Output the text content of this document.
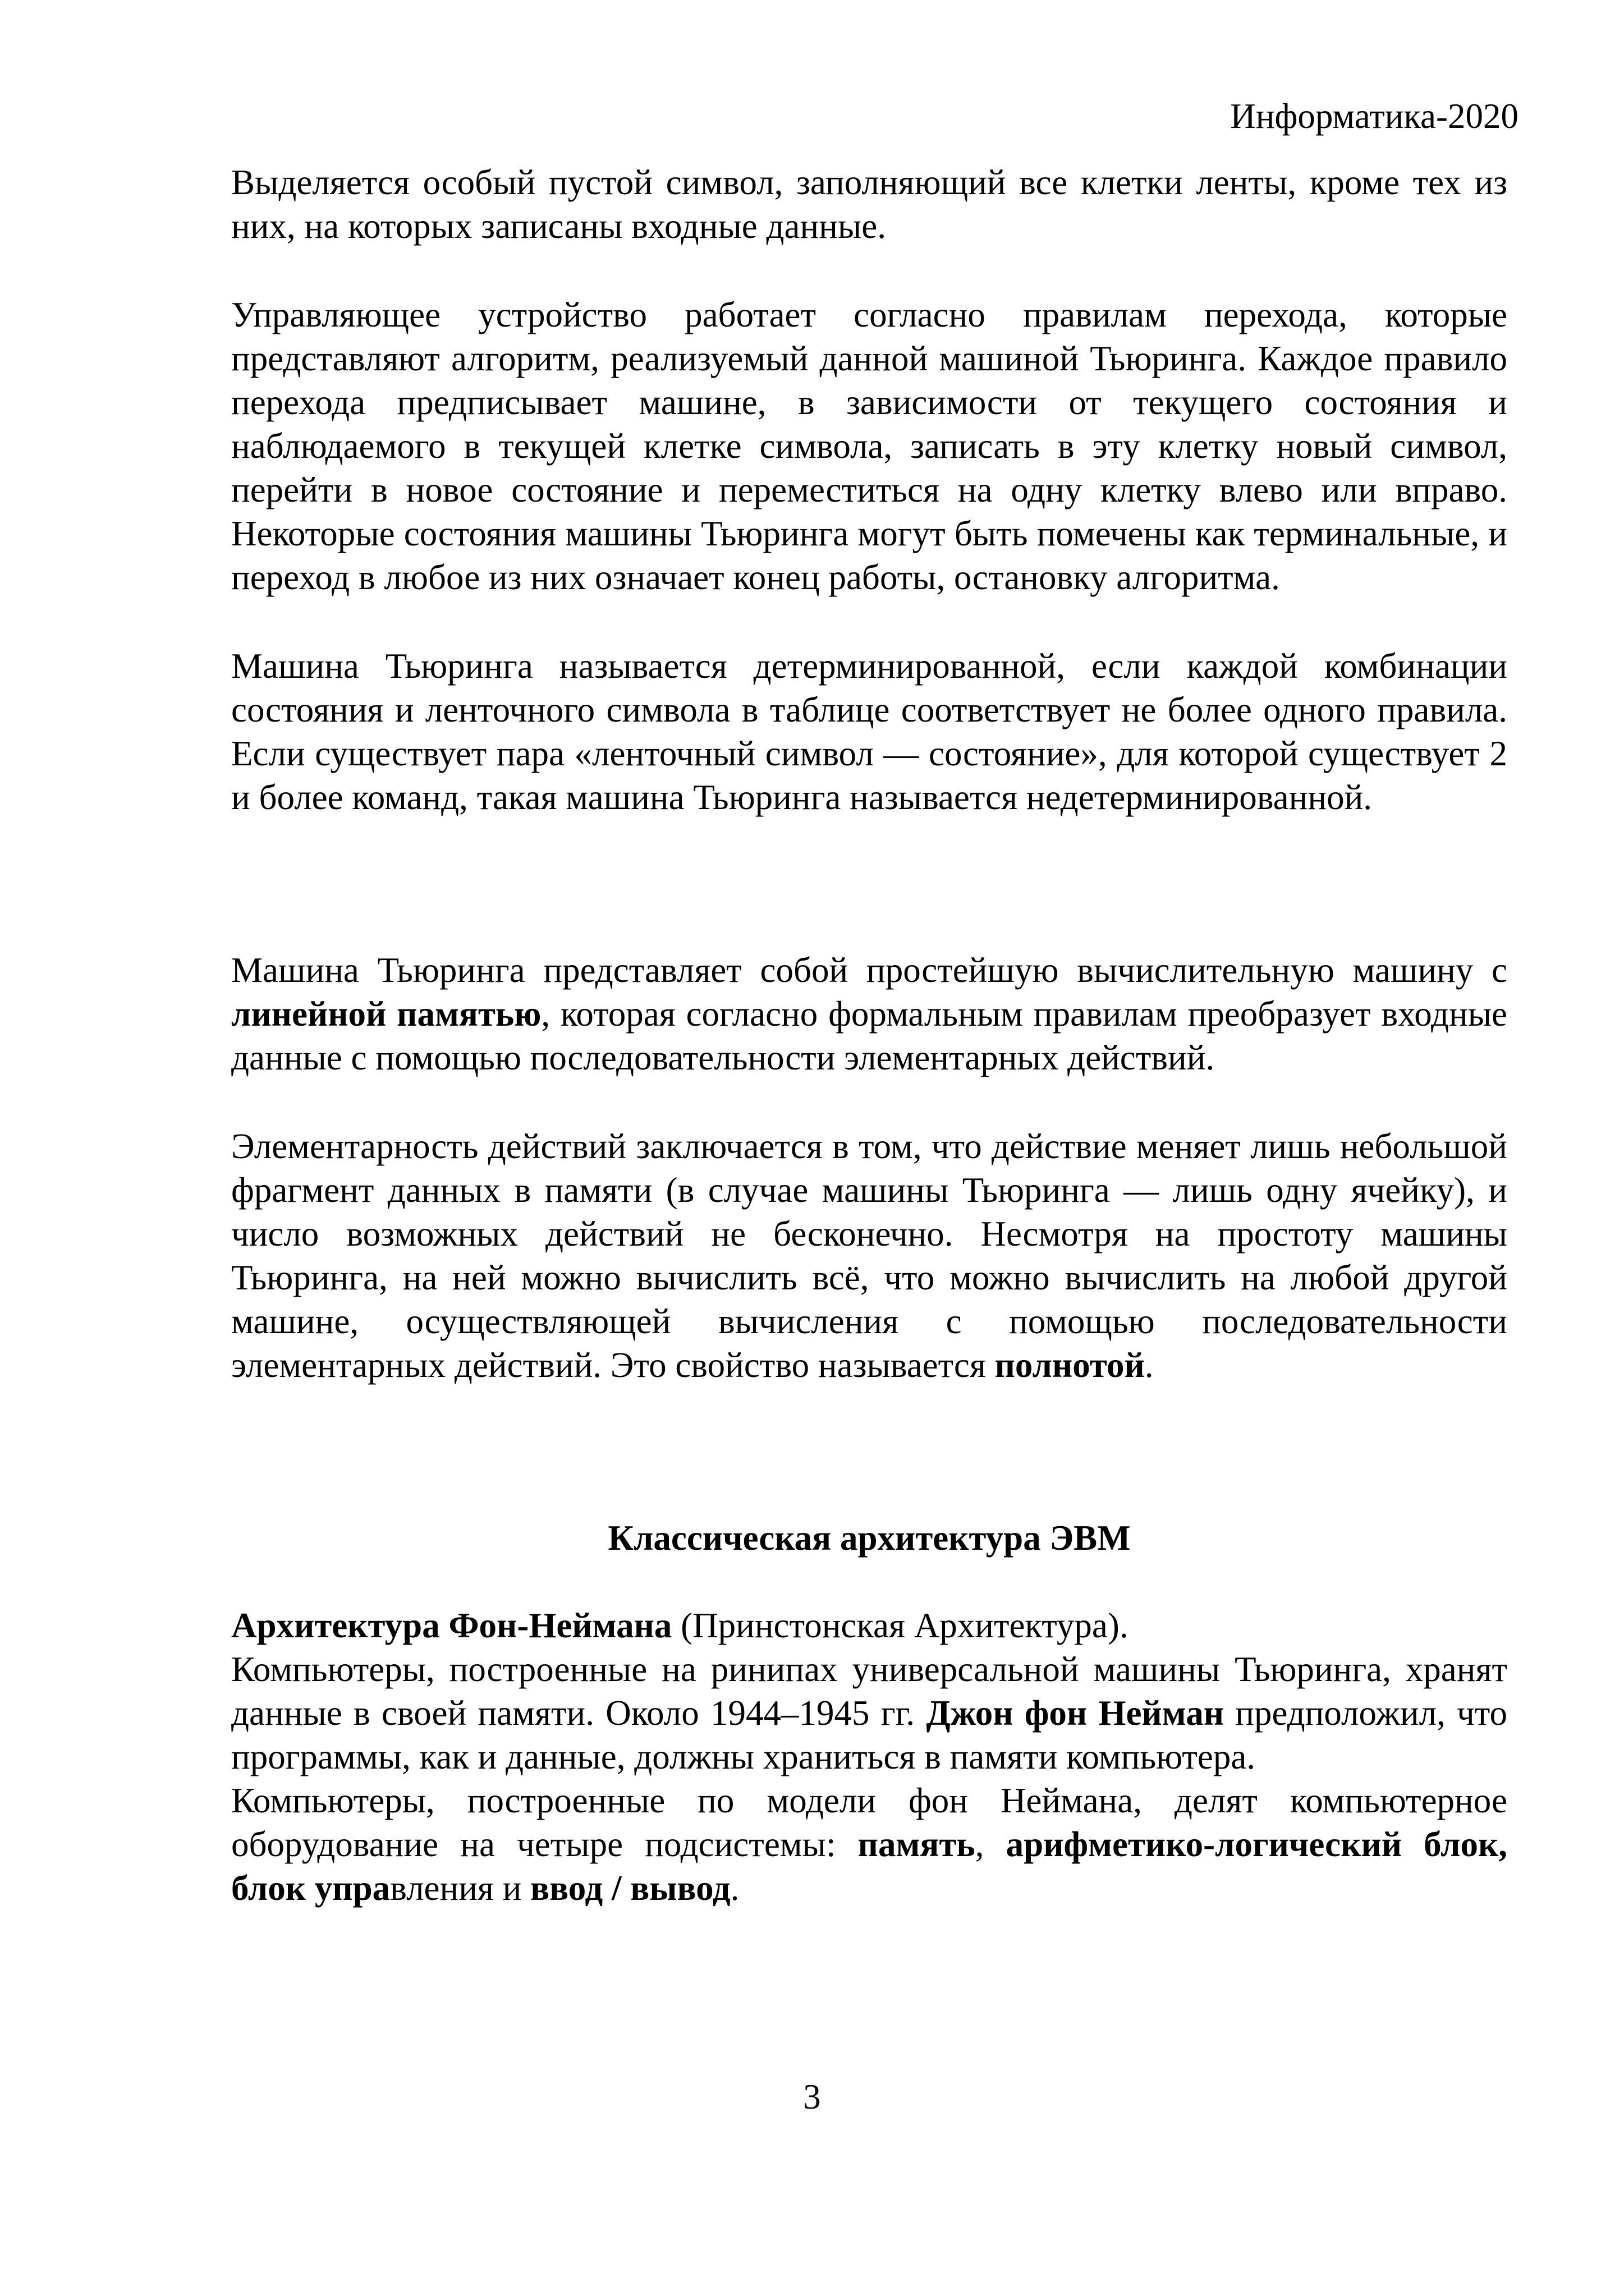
Информатика-2020

Выделяется особый пустой символ, заполняющий все клетки ленты, кроме тех из них, на которых записаны входные данные.

Управляющее устройство работает согласно правилам перехода, которые представляют алгоритм, реализуемый данной машиной Тьюринга. Каждое правило перехода предписывает машине, в зависимости от текущего состояния и наблюдаемого в текущей клетке символа, записать в эту клетку новый символ, перейти в новое состояние и переместиться на одну клетку влево или вправо. Некоторые состояния машины Тьюринга могут быть помечены как терминальные, и переход в любое из них означает конец работы, остановку алгоритма.

Машина Тьюринга называется детерминированной, если каждой комбинации состояния и ленточного символа в таблице соответствует не более одного правила. Если существует пара «ленточный символ — состояние», для которой существует 2 и более команд, такая машина Тьюринга называется недетерминированной.

Машина Тьюринга представляет собой простейшую вычислительную машину с линейной памятью, которая согласно формальным правилам преобразует входные данные с помощью последовательности элементарных действий.

Элементарность действий заключается в том, что действие меняет лишь небольшой фрагмент данных в памяти (в случае машины Тьюринга — лишь одну ячейку), и число возможных действий не бесконечно. Несмотря на простоту машины Тьюринга, на ней можно вычислить всё, что можно вычислить на любой другой машине, осуществляющей вычисления с помощью последовательности элементарных действий. Это свойство называется полнотой.

Классическая архитектура ЭВМ

Архитектура Фон-Неймана (Принстонская Архитектура).

Компьютеры, построенные на ринипах универсальной машины Тьюринга, хранят данные в своей памяти. Около 1944–1945 гг. Джон фон Нейман предположил, что программы, как и данные, должны храниться в памяти компьютера.

Компьютеры, построенные по модели фон Неймана, делят компьютерное оборудование на четыре подсистемы: память, арифметико-логический блок, блок управления и ввод / вывод.

3
